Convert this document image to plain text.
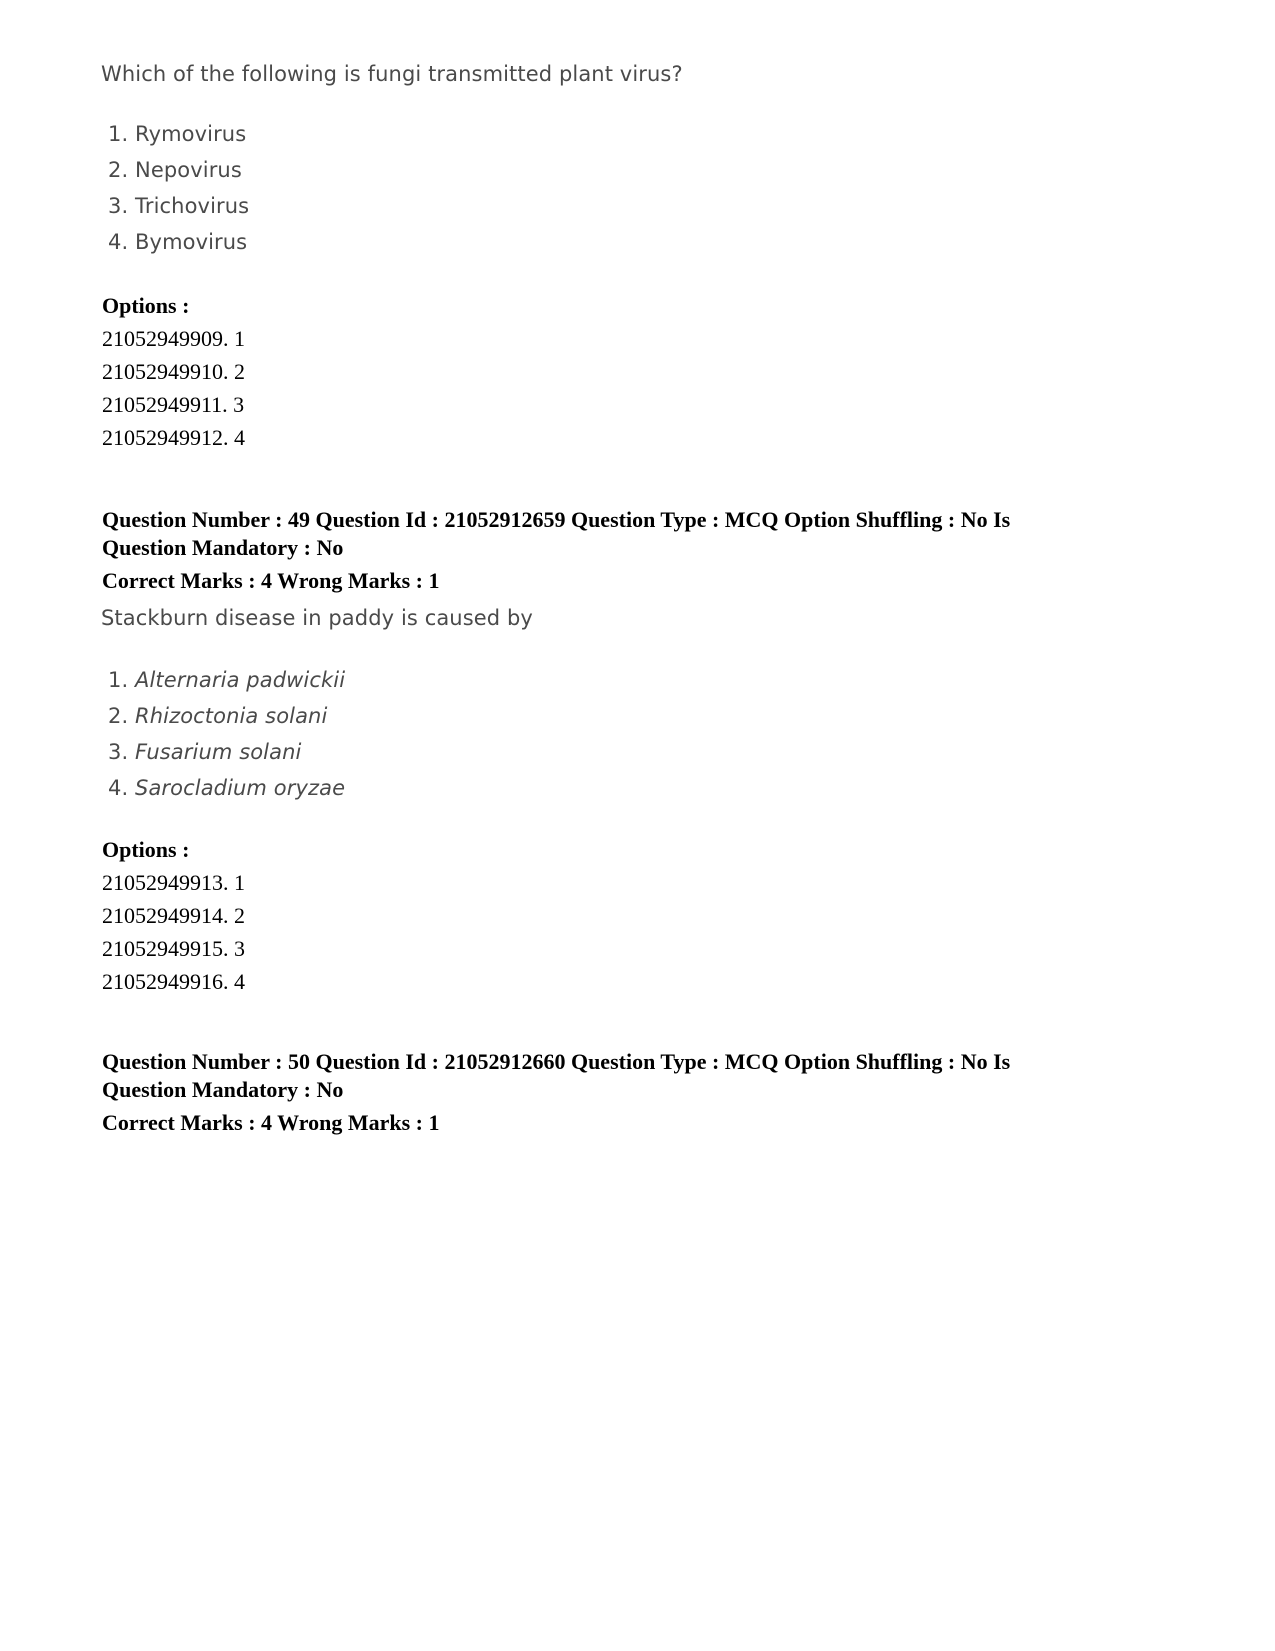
Which of the following is fungi transmitted plant virus?
1. Rymovirus
2. Nepovirus
3. Trichovirus
4. Bymovirus
Options :
21052949909. 1
21052949910. 2
21052949911. 3
21052949912. 4
Question Number : 49 Question Id : 21052912659 Question Type : MCQ Option Shuffling : No Is
Question Mandatory : No
Correct Marks : 4 Wrong Marks : 1
Stackburn disease in paddy is caused by
1. Alternaria padwickii
2. Rhizoctonia solani
3. Fusarium solani
4. Sarocladium oryzae
Options :
21052949913. 1
21052949914. 2
21052949915. 3
21052949916. 4
Question Number : 50 Question Id : 21052912660 Question Type : MCQ Option Shuffling : No Is
Question Mandatory : No
Correct Marks : 4 Wrong Marks : 1
